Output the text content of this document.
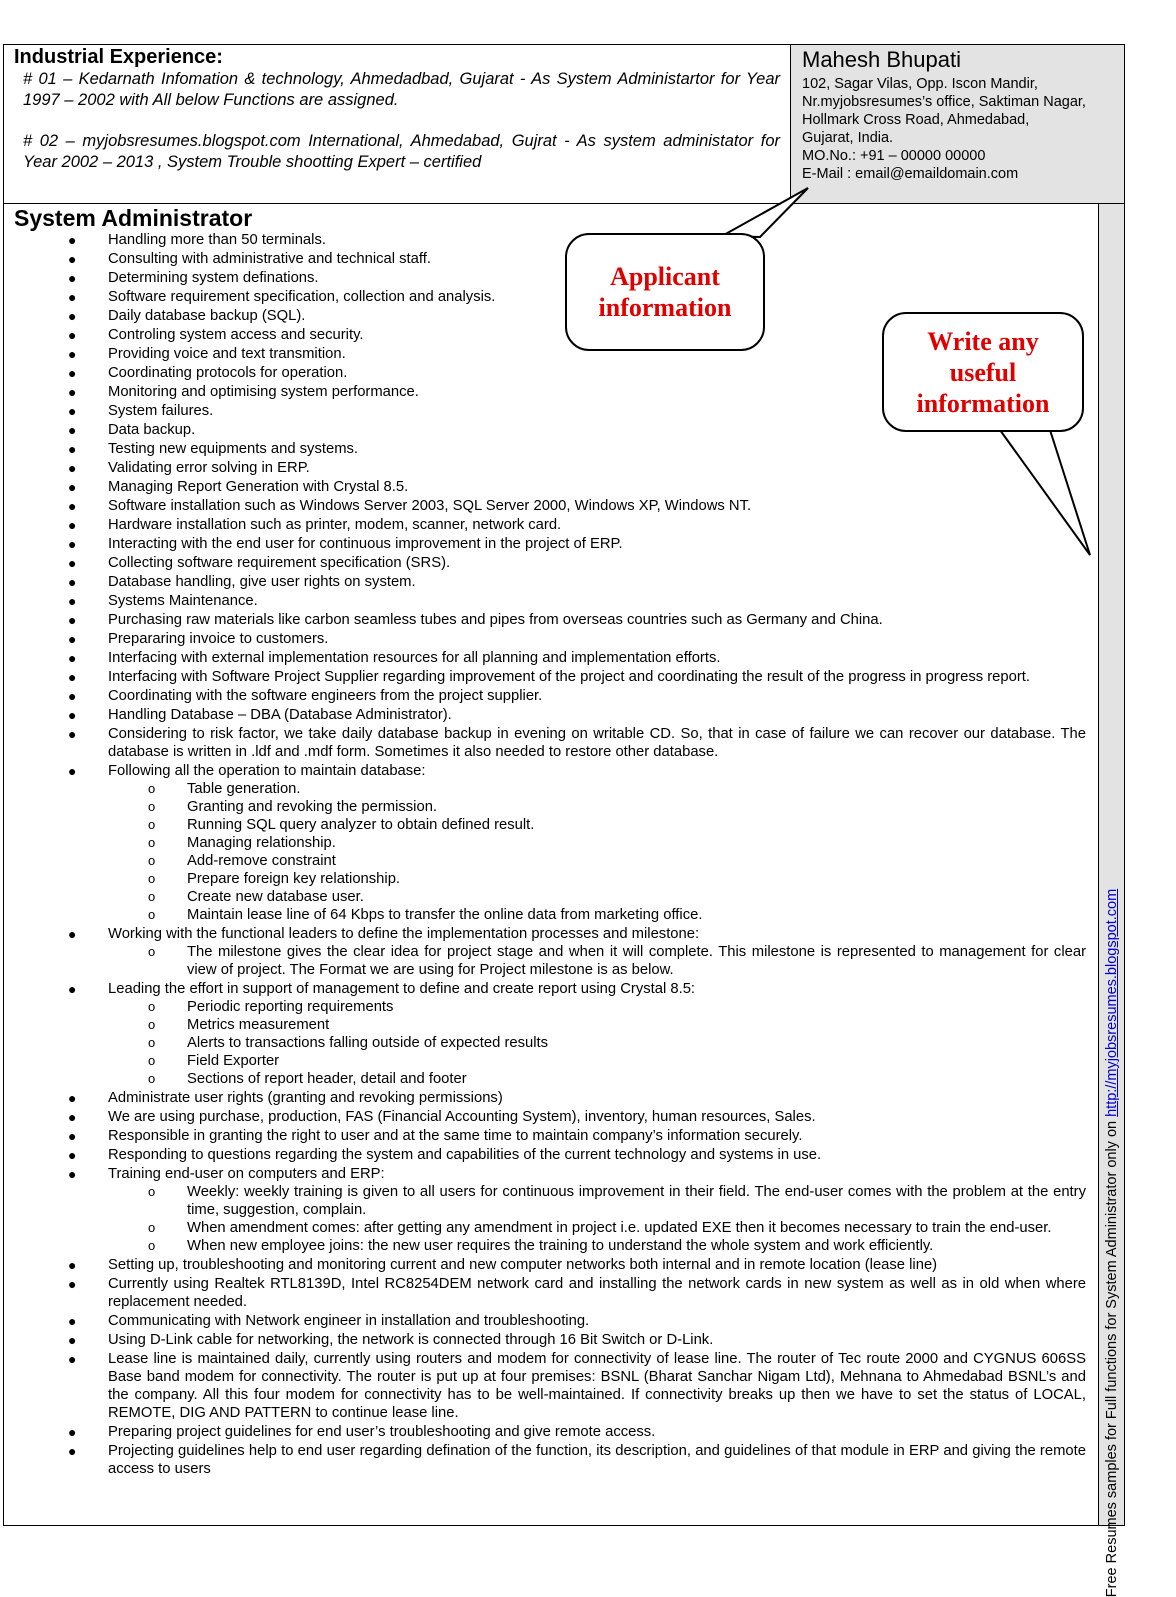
Industrial Experience:

# 01 – Kedarnath Infomation & technology, Ahmedadbad, Gujarat - As System Administartor for Year 1997 – 2002 with All below Functions are assigned.

# 02 – myjobsresumes.blogspot.com International, Ahmedabad, Gujrat - As system administator for Year 2002 – 2013 , System Trouble shootting Expert – certified

Mahesh Bhupati
102, Sagar Vilas, Opp. Iscon Mandir,
Nr.myjobsresumes’s office, Saktiman Nagar,
Hollmark Cross Road, Ahmedabad,
Gujarat, India.
MO.No.: +91 – 00000 00000
E-Mail : email@emaildomain.com
System Administrator
● Handling more than 50 terminals.
● Consulting with administrative and technical staff.
● Determining system definations.
● Software requirement specification, collection and analysis.
● Daily database backup (SQL).
● Controling system access and security.
● Providing voice and text transmition.
● Coordinating protocols for operation.
● Monitoring and optimising system performance.
● System failures.
● Data backup.
● Testing new equipments and systems.
● Validating error solving in ERP.
● Managing Report Generation with Crystal 8.5.
● Software installation such as Windows Server 2003, SQL Server 2000, Windows XP, Windows NT.
● Hardware installation such as printer, modem, scanner, network card.
● Interacting with the end user for continuous improvement in the project of ERP.
● Collecting software requirement specification (SRS).
● Database handling, give user rights on system.
● Systems Maintenance.
● Purchasing raw materials like carbon seamless tubes and pipes from overseas countries such as Germany and China.
● Prepararing invoice to customers.
● Interfacing with external implementation resources for all planning and implementation efforts.
● Interfacing with Software Project Supplier regarding improvement of the project and coordinating the result of the progress in progress report.
● Coordinating with the software engineers from the project supplier.
● Handling Database – DBA (Database Administrator).
● Considering to risk factor, we take daily database backup in evening on writable CD. So, that in case of failure we can recover our database. The database is written in .ldf and .mdf form. Sometimes it also needed to restore other database.
● Following all the operation to maintain database:
o Table generation.
o Granting and revoking the permission.
o Running SQL query analyzer to obtain defined result.
o Managing relationship.
o Add-remove constraint
o Prepare foreign key relationship.
o Create new database user.
o Maintain lease line of 64 Kbps to transfer the online data from marketing office.
● Working with the functional leaders to define the implementation processes and milestone:
o The milestone gives the clear idea for project stage and when it will complete. This milestone is represented to management for clear view of project. The Format we are using for Project milestone is as below.
● Leading the effort in support of management to define and create report using Crystal 8.5:
o Periodic reporting requirements
o Metrics measurement
o Alerts to transactions falling outside of expected results
o Field Exporter
o Sections of report header, detail and footer
● Administrate user rights (granting and revoking permissions)
● We are using purchase, production, FAS (Financial Accounting System), inventory, human resources, Sales.
● Responsible in granting the right to user and at the same time to maintain company’s information securely.
● Responding to questions regarding the system and capabilities of the current technology and systems in use.
● Training end-user on computers and ERP:
o Weekly: weekly training is given to all users for continuous improvement in their field. The end-user comes with the problem at the entry time, suggestion, complain.
o When amendment comes: after getting any amendment in project i.e. updated EXE then it becomes necessary to train the end-user.
o When new employee joins: the new user requires the training to understand the whole system and work efficiently.
● Setting up, troubleshooting and monitoring current and new computer networks both internal and in remote location (lease line)
● Currently using Realtek RTL8139D, Intel RC8254DEM network card and installing the network cards in new system as well as in old when where replacement needed.
● Communicating with Network engineer in installation and troubleshooting.
● Using D-Link cable for networking, the network is connected through 16 Bit Switch or D-Link.
● Lease line is maintained daily, currently using routers and modem for connectivity of lease line. The router of Tec route 2000 and CYGNUS 606SS Base band modem for connectivity. The router is put up at four premises: BSNL (Bharat Sanchar Nigam Ltd), Mehnana to Ahmedabad BSNL’s and the company. All this four modem for connectivity has to be well-maintained. If connectivity breaks up then we have to set the status of LOCAL, REMOTE, DIG AND PATTERN to continue lease line.
● Preparing project guidelines for end user’s troubleshooting and give remote access.
● Projecting guidelines help to end user regarding defination of the function, its description, and guidelines of that module in ERP and giving the remote access to users	Free Resumes samples for Full functions for System Administrator only on http://myjobsresumes.blogspot.com
Applicant information
Write any useful information
